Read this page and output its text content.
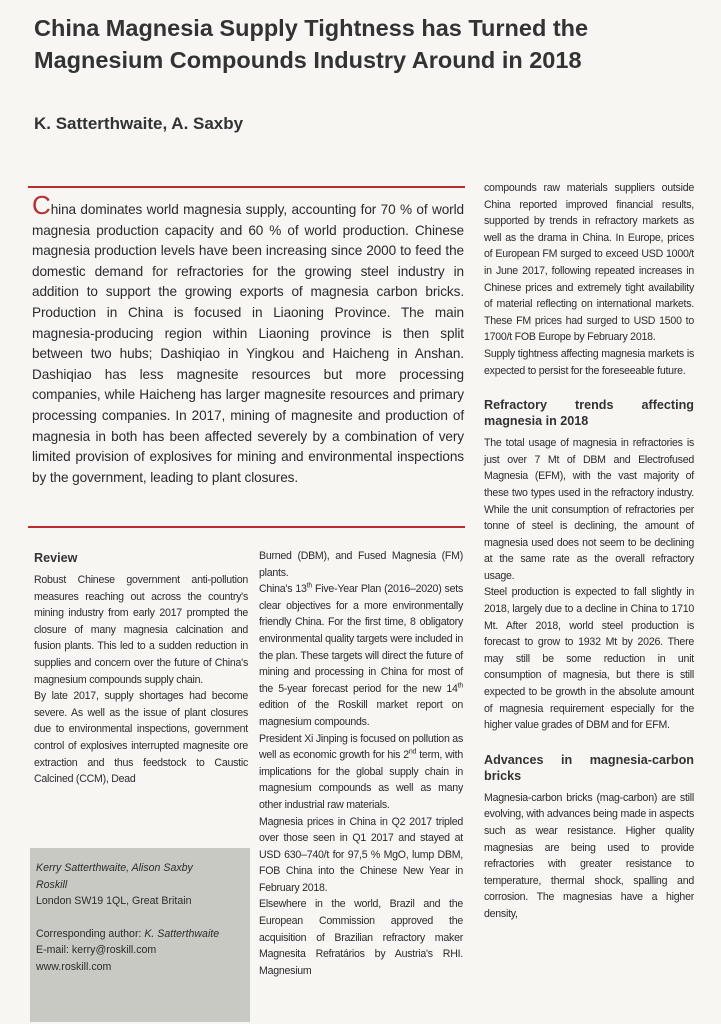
China Magnesia Supply Tightness has Turned the Magnesium Compounds Industry Around in 2018
K. Satterthwaite, A. Saxby

China dominates world magnesia supply, accounting for 70 % of world magnesia production capacity and 60 % of world production. Chinese magnesia production levels have been increasing since 2000 to feed the domestic demand for refractories for the growing steel industry in addition to support the growing exports of magnesia carbon bricks. Production in China is focused in Liaoning Province. The main magnesia-producing region within Liaoning province is then split between two hubs; Dashiqiao in Yingkou and Haicheng in Anshan. Dashiqiao has less magnesite resources but more processing companies, while Haicheng has larger magnesite resources and primary processing companies. In 2017, mining of magnesite and production of magnesia in both has been affected severely by a combination of very limited provision of explosives for mining and environmental inspections by the government, leading to plant closures.

Review

Robust Chinese government anti-pollution measures reaching out across the country's mining industry from early 2017 prompted the closure of many magnesia calcination and fusion plants. This led to a sudden reduction in supplies and concern over the future of China's magnesium compounds supply chain.

By late 2017, supply shortages had become severe. As well as the issue of plant closures due to environmental inspections, government control of explosives interrupted magnesite ore extraction and thus feedstock to Caustic Calcined (CCM), Dead

Kerry Satterthwaite, Alison Saxby

Roskill

London SW19 1QL, Great Britain

Corresponding author: K. Satterthwaite

E-mail: kerry@roskill.com

www.roskill.com

Burned (DBM), and Fused Magnesia (FM) plants.

China's 13th Five-Year Plan (2016–2020) sets clear objectives for a more environmentally friendly China. For the first time, 8 obligatory environmental quality targets were included in the plan. These targets will direct the future of mining and processing in China for most of the 5-year forecast period for the new 14th edition of the Roskill market report on magnesium compounds.

President Xi Jinping is focused on pollution as well as economic growth for his 2nd term, with implications for the global supply chain in magnesium compounds as well as many other industrial raw materials.

Magnesia prices in China in Q2 2017 tripled over those seen in Q1 2017 and stayed at USD 630–740/t for 97,5 % MgO, lump DBM, FOB China into the Chinese New Year in February 2018.

Elsewhere in the world, Brazil and the European Commission approved the acquisition of Brazilian refractory maker Magnesita Refratários by Austria's RHI. Magnesium

compounds raw materials suppliers outside China reported improved financial results, supported by trends in refractory markets as well as the drama in China. In Europe, prices of European FM surged to exceed USD 1000/t in June 2017, following repeated increases in Chinese prices and extremely tight availability of material reflecting on international markets. These FM prices had surged to USD 1500 to 1700/t FOB Europe by February 2018.

Supply tightness affecting magnesia markets is expected to persist for the foreseeable future.

Refractory trends affecting magnesia in 2018

The total usage of magnesia in refractories is just over 7 Mt of DBM and Electrofused Magnesia (EFM), with the vast majority of these two types used in the refractory industry. While the unit consumption of refractories per tonne of steel is declining, the amount of magnesia used does not seem to be declining at the same rate as the overall refractory usage.

Steel production is expected to fall slightly in 2018, largely due to a decline in China to 1710 Mt. After 2018, world steel production is forecast to grow to 1932 Mt by 2026. There may still be some reduction in unit consumption of magnesia, but there is still expected to be growth in the absolute amount of magnesia requirement especially for the higher value grades of DBM and for EFM.

Advances in magnesia-carbon bricks

Magnesia-carbon bricks (mag-carbon) are still evolving, with advances being made in aspects such as wear resistance. Higher quality magnesias are being used to provide refractories with greater resistance to temperature, thermal shock, spalling and corrosion. The magnesias have a higher density,
